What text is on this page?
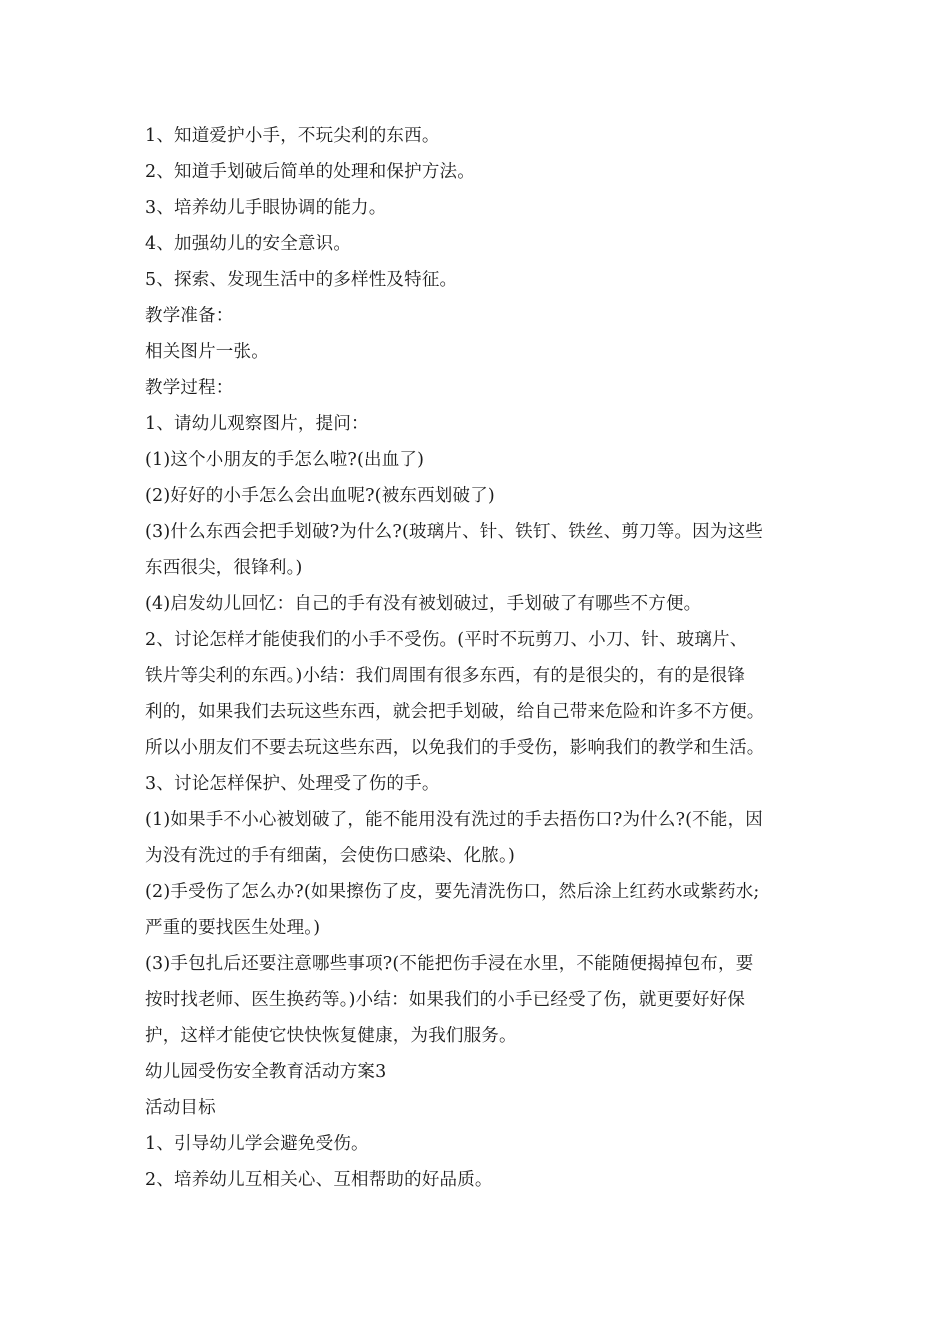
1、知道爱护小手，不玩尖利的东西。

2、知道手划破后简单的处理和保护方法。

3、培养幼儿手眼协调的能力。

4、加强幼儿的安全意识。

5、探索、发现生活中的多样性及特征。

教学准备：

相关图片一张。

教学过程：

1、请幼儿观察图片，提问：

(1)这个小朋友的手怎么啦?(出血了)

(2)好好的小手怎么会出血呢?(被东西划破了)

(3)什么东西会把手划破?为什么?(玻璃片、针、铁钉、铁丝、剪刀等。因为这些

东西很尖，很锋利。)

(4)启发幼儿回忆：自己的手有没有被划破过，手划破了有哪些不方便。

2、讨论怎样才能使我们的小手不受伤。(平时不玩剪刀、小刀、针、玻璃片、

铁片等尖利的东西。)小结：我们周围有很多东西，有的是很尖的，有的是很锋

利的，如果我们去玩这些东西，就会把手划破，给自己带来危险和许多不方便。

所以小朋友们不要去玩这些东西，以免我们的手受伤，影响我们的教学和生活。

3、讨论怎样保护、处理受了伤的手。

(1)如果手不小心被划破了，能不能用没有洗过的手去捂伤口?为什么?(不能，因

为没有洗过的手有细菌，会使伤口感染、化脓。)

(2)手受伤了怎么办?(如果擦伤了皮，要先清洗伤口，然后涂上红药水或紫药水;

严重的要找医生处理。)

(3)手包扎后还要注意哪些事项?(不能把伤手浸在水里，不能随便揭掉包布，要

按时找老师、医生换药等。)小结：如果我们的小手已经受了伤，就更要好好保

护，这样才能使它快快恢复健康，为我们服务。

幼儿园受伤安全教育活动方案3

活动目标

1、引导幼儿学会避免受伤。

2、培养幼儿互相关心、互相帮助的好品质。
